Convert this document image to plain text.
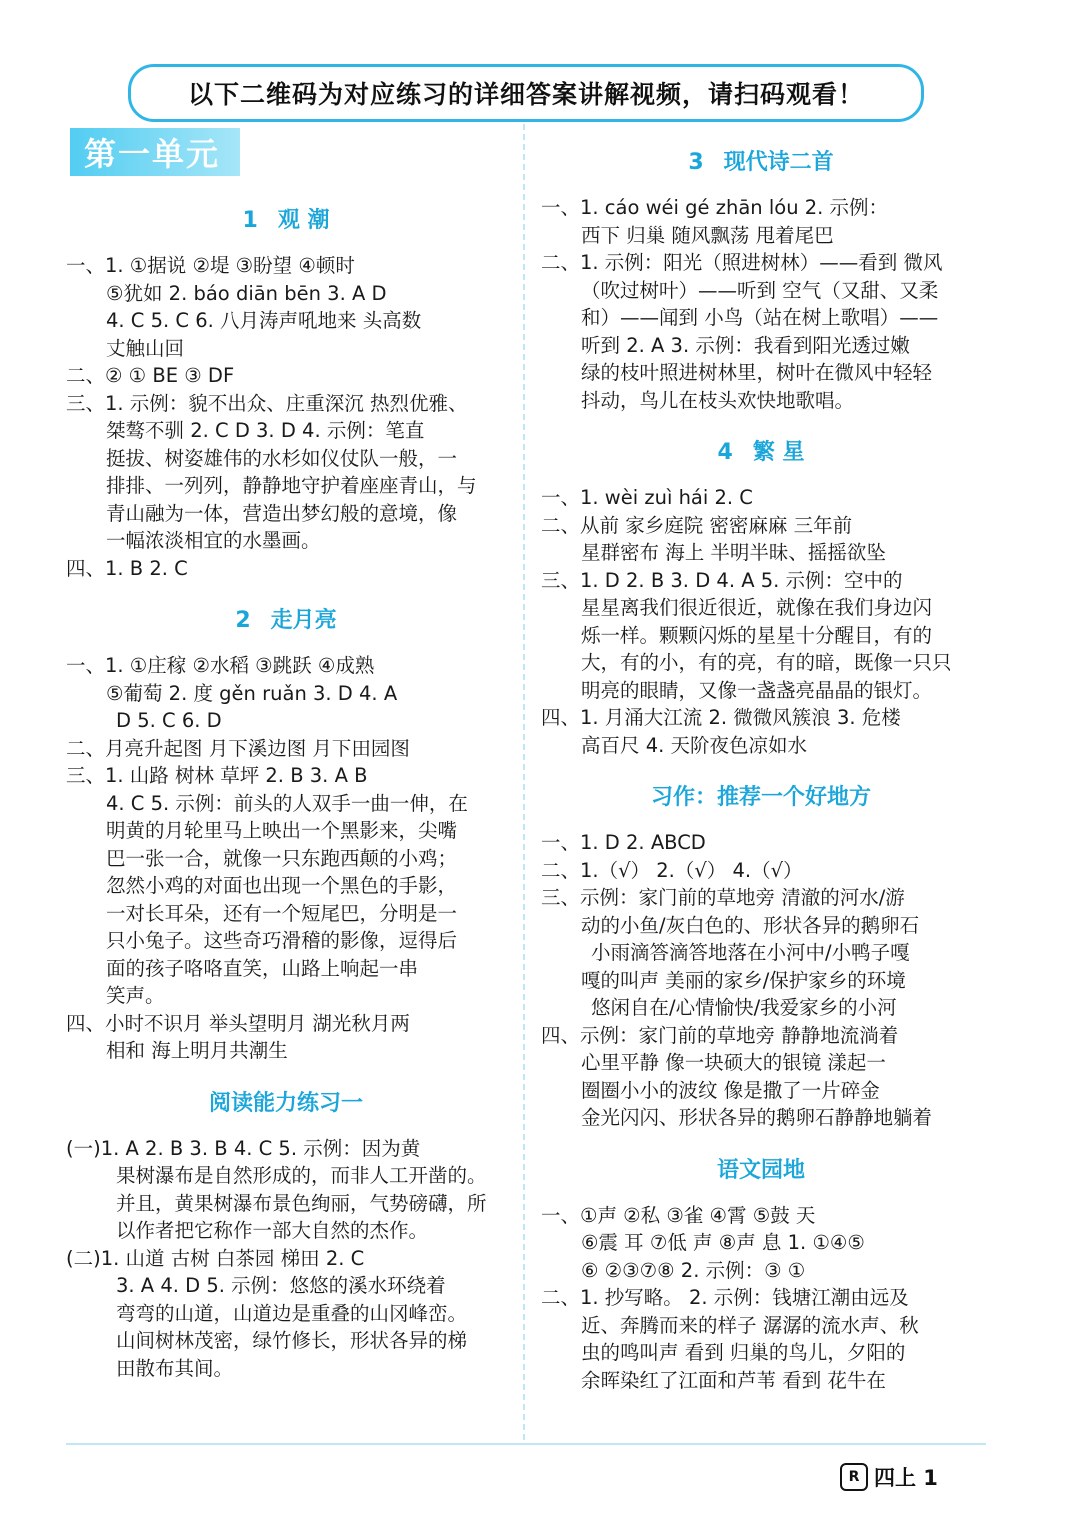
以下二维码为对应练习的详细答案讲解视频，请扫码观看！
第一单元
1 观 潮
一、1. ①据说 ②堤 ③盼望 ④顿时
⑤犹如 2. báo diān bēn 3. A D
4. C 5. C 6. 八月涛声吼地来 头高数
丈触山回
二、② ① BE ③ DF
三、1. 示例：貌不出众、庄重深沉 热烈优雅、
桀骜不驯 2. C D 3. D 4. 示例：笔直
挺拔、树姿雄伟的水杉如仪仗队一般，一
排排、一列列，静静地守护着座座青山，与
青山融为一体，营造出梦幻般的意境，像
一幅浓淡相宜的水墨画。
四、1. B 2. C
2 走月亮
一、1. ①庄稼 ②水稻 ③跳跃 ④成熟
⑤葡萄 2. 度 gěn ruǎn 3. D 4. A
D 5. C 6. D
二、月亮升起图 月下溪边图 月下田园图
三、1. 山路 树林 草坪 2. B 3. A B
4. C 5. 示例：前头的人双手一曲一伸，在
明黄的月轮里马上映出一个黑影来，尖嘴
巴一张一合，就像一只东跑西颠的小鸡；
忽然小鸡的对面也出现一个黑色的手影，
一对长耳朵，还有一个短尾巴，分明是一
只小兔子。这些奇巧滑稽的影像，逗得后
面的孩子咯咯直笑，山路上响起一串
笑声。
四、小时不识月 举头望明月 湖光秋月两
相和 海上明月共潮生
阅读能力练习一
(一)1. A 2. B 3. B 4. C 5. 示例：因为黄
果树瀑布是自然形成的，而非人工开凿的。
并且，黄果树瀑布景色绚丽，气势磅礴，所
以作者把它称作一部大自然的杰作。
(二)1. 山道 古树 白茶园 梯田 2. C
3. A 4. D 5. 示例：悠悠的溪水环绕着
弯弯的山道，山道边是重叠的山冈峰峦。
山间树林茂密，绿竹修长，形状各异的梯
田散布其间。
3 现代诗二首
一、1. cáo wéi gé zhān lóu 2. 示例：
西下 归巢 随风飘荡 甩着尾巴
二、1. 示例：阳光（照进树林）——看到 微风
（吹过树叶）——听到 空气（又甜、又柔
和）——闻到 小鸟（站在树上歌唱）——
听到 2. A 3. 示例：我看到阳光透过嫩
绿的枝叶照进树林里，树叶在微风中轻轻
抖动，鸟儿在枝头欢快地歌唱。
4 繁 星
一、1. wèi zuì hái 2. C
二、从前 家乡庭院 密密麻麻 三年前
星群密布 海上 半明半昧、摇摇欲坠
三、1. D 2. B 3. D 4. A 5. 示例：空中的
星星离我们很近很近，就像在我们身边闪
烁一样。颗颗闪烁的星星十分醒目，有的
大，有的小，有的亮，有的暗，既像一只只
明亮的眼睛，又像一盏盏亮晶晶的银灯。
四、1. 月涌大江流 2. 微微风簇浪 3. 危楼
高百尺 4. 天阶夜色凉如水
习作：推荐一个好地方
一、1. D 2. ABCD
二、1.（√） 2.（√） 4.（√）
三、示例：家门前的草地旁 清澈的河水/游
动的小鱼/灰白色的、形状各异的鹅卵石
小雨滴答滴答地落在小河中/小鸭子嘎
嘎的叫声 美丽的家乡/保护家乡的环境
悠闲自在/心情愉快/我爱家乡的小河
四、示例：家门前的草地旁 静静地流淌着
心里平静 像一块硕大的银镜 漾起一
圈圈小小的波纹 像是撒了一片碎金
金光闪闪、形状各异的鹅卵石静静地躺着
语文园地
一、①声 ②私 ③雀 ④霄 ⑤鼓 天
⑥震 耳 ⑦低 声 ⑧声 息 1. ①④⑤
⑥ ②③⑦⑧ 2. 示例：③ ①
二、1. 抄写略。 2. 示例：钱塘江潮由远及
近、奔腾而来的样子 潺潺的流水声、秋
虫的鸣叫声 看到 归巢的鸟儿，夕阳的
余晖染红了江面和芦苇 看到 花牛在
R 四上 1
